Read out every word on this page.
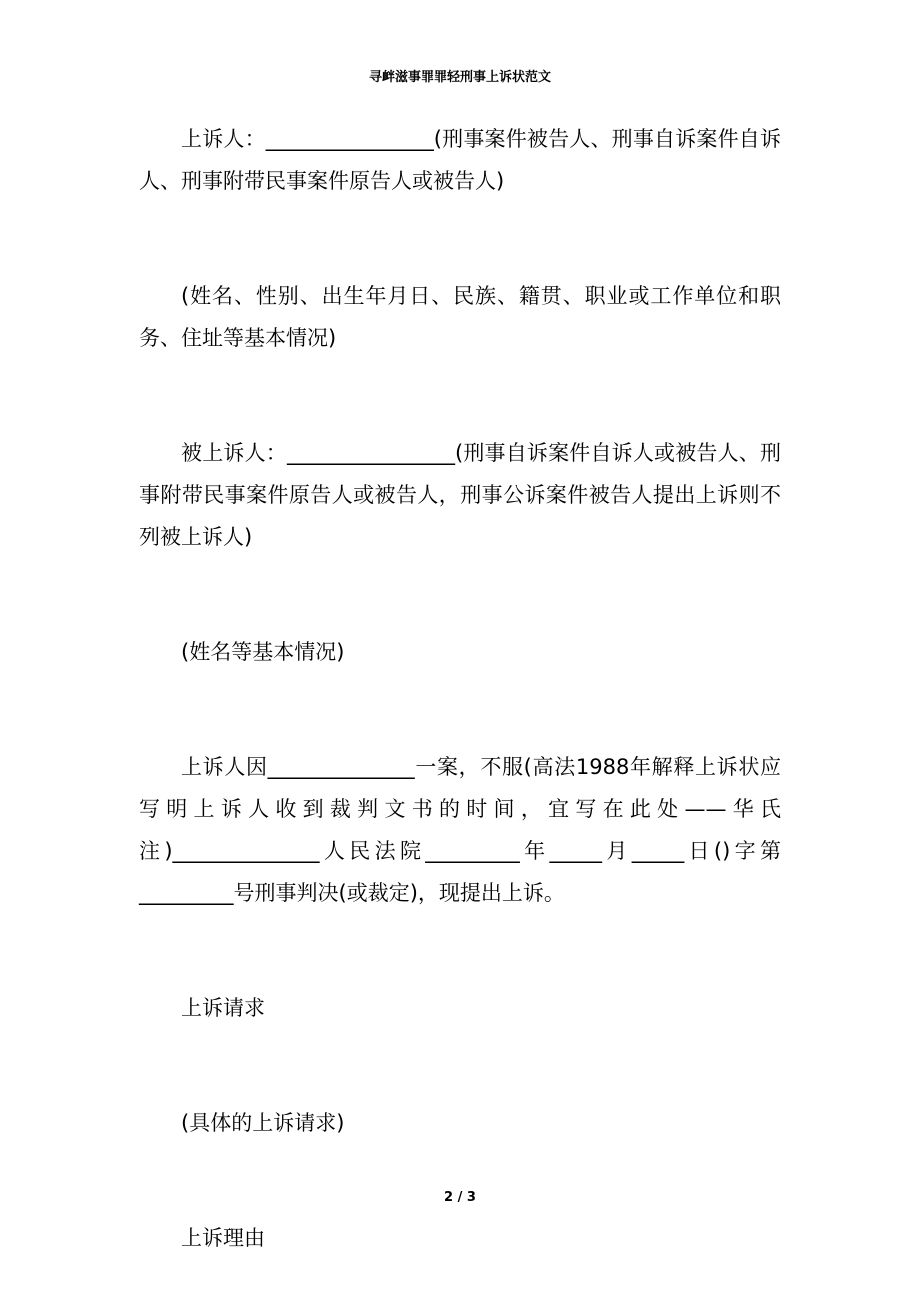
寻衅滋事罪罪轻刑事上诉状范文

上诉人：________________(刑事案件被告人、刑事自诉案件自诉人、刑事附带民事案件原告人或被告人)

(姓名、性别、出生年月日、民族、籍贯、职业或工作单位和职务、住址等基本情况)

被上诉人：________________(刑事自诉案件自诉人或被告人、刑事附带民事案件原告人或被告人，刑事公诉案件被告人提出上诉则不列被上诉人)

(姓名等基本情况)

上诉人因______________一案，不服(高法1988年解释上诉状应写明上诉人收到裁判文书的时间，宜写在此处——华氏注)______________人民法院_________年_____月_____日()字第_________号刑事判决(或裁定)，现提出上诉。

上诉请求

(具体的上诉请求)

上诉理由

2 / 3
